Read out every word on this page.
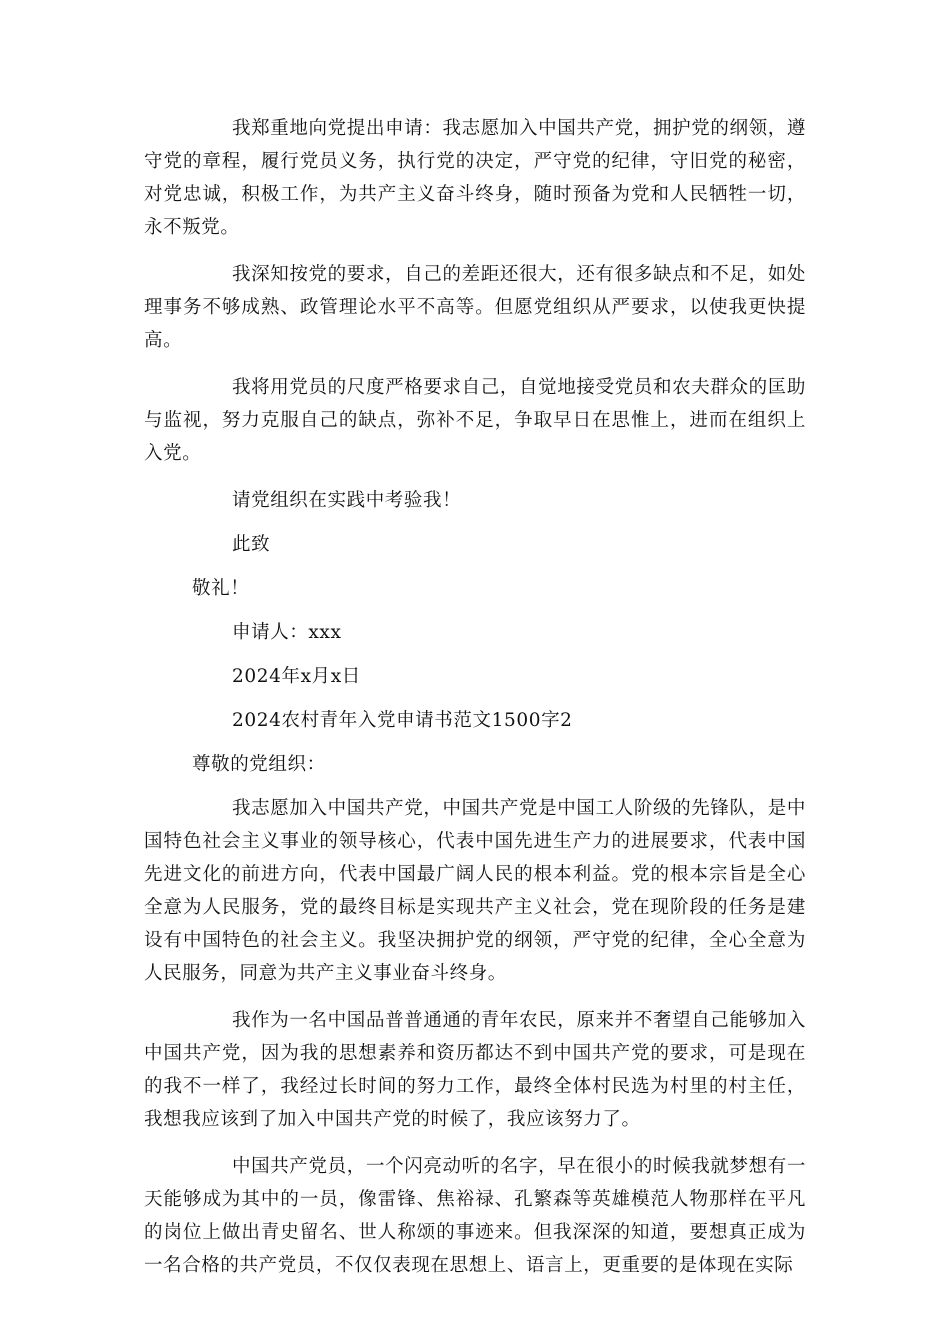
我郑重地向党提出申请：我志愿加入中国共产党，拥护党的纲领，遵守党的章程，履行党员义务，执行党的决定，严守党的纪律，守旧党的秘密，对党忠诚，积极工作，为共产主义奋斗终身，随时预备为党和人民牺牲一切，永不叛党。

我深知按党的要求，自己的差距还很大，还有很多缺点和不足，如处理事务不够成熟、政管理论水平不高等。但愿党组织从严要求，以使我更快提高。

我将用党员的尺度严格要求自己，自觉地接受党员和农夫群众的匡助与监视，努力克服自己的缺点，弥补不足，争取早日在思惟上，进而在组织上入党。

请党组织在实践中考验我！
此致
敬礼！
申请人：xxx
2024年x月x日
2024农村青年入党申请书范文1500字2
尊敬的党组织：

我志愿加入中国共产党，中国共产党是中国工人阶级的先锋队，是中国特色社会主义事业的领导核心，代表中国先进生产力的进展要求，代表中国先进文化的前进方向，代表中国最广阔人民的根本利益。党的根本宗旨是全心全意为人民服务，党的最终目标是实现共产主义社会，党在现阶段的任务是建设有中国特色的社会主义。我坚决拥护党的纲领，严守党的纪律，全心全意为人民服务，同意为共产主义事业奋斗终身。

我作为一名中国品普普通通的青年农民，原来并不奢望自己能够加入中国共产党，因为我的思想素养和资历都达不到中国共产党的要求，可是现在的我不一样了，我经过长时间的努力工作，最终全体村民选为村里的村主任，我想我应该到了加入中国共产党的时候了，我应该努力了。

中国共产党员，一个闪亮动听的名字，早在很小的时候我就梦想有一天能够成为其中的一员，像雷锋、焦裕禄、孔繁森等英雄模范人物那样在平凡的岗位上做出青史留名、世人称颂的事迹来。但我深深的知道，要想真正成为一名合格的共产党员，不仅仅表现在思想上、语言上，更重要的是体现在实际
